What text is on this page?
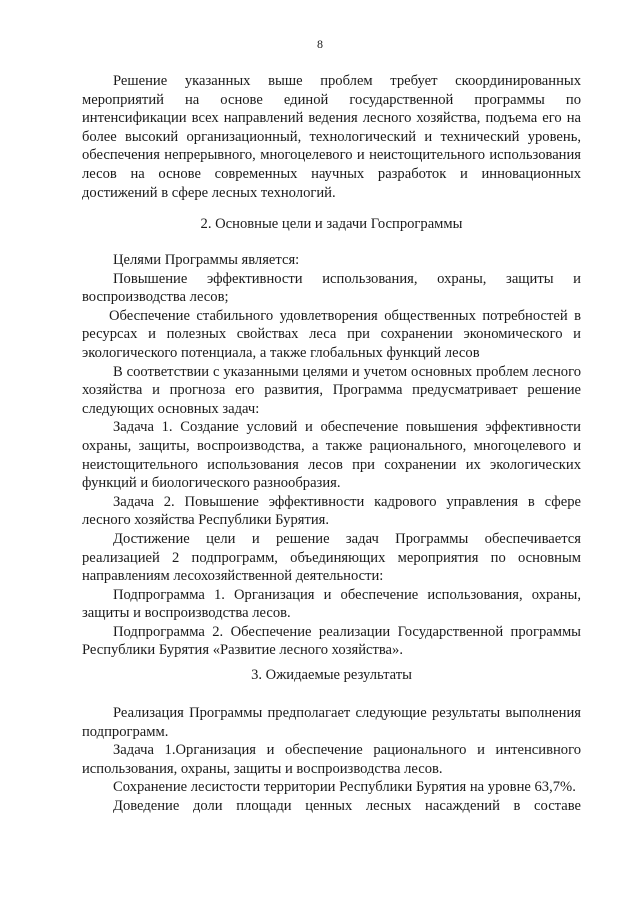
8

Решение указанных выше проблем требует скоординированных мероприятий на основе единой государственной программы по интенсификации всех направлений ведения лесного хозяйства, подъема его на более высокий организационный, технологический и технический уровень, обеспечения непрерывного, многоцелевого и неистощительного использования лесов на основе современных научных разработок и инновационных достижений в сфере лесных технологий.

2. Основные цели и задачи Госпрограммы

Целями Программы является:

Повышение эффективности использования, охраны, защиты и воспроизводства лесов;

Обеспечение стабильного удовлетворения общественных потребностей в ресурсах и полезных свойствах леса при сохранении экономического и экологического потенциала, а также глобальных функций лесов

В соответствии с указанными целями и учетом основных проблем лесного хозяйства и прогноза его развития, Программа предусматривает решение следующих основных задач:

Задача 1. Создание условий и обеспечение повышения эффективности охраны, защиты, воспроизводства, а также рационального, многоцелевого и неистощительного использования лесов при сохранении их экологических функций и биологического разнообразия.

Задача 2. Повышение эффективности кадрового управления в сфере лесного хозяйства Республики Бурятия.

Достижение цели и решение задач Программы обеспечивается реализацией 2 подпрограмм, объединяющих мероприятия по основным направлениям лесохозяйственной деятельности:

Подпрограмма 1. Организация и обеспечение использования, охраны, защиты и воспроизводства лесов.

Подпрограмма 2. Обеспечение реализации Государственной программы Республики Бурятия «Развитие лесного хозяйства».

3. Ожидаемые результаты

Реализация Программы предполагает следующие результаты выполнения подпрограмм.

Задача 1.Организация и обеспечение рационального и интенсивного использования, охраны, защиты и воспроизводства лесов.

Сохранение лесистости территории Республики Бурятия на уровне 63,7%.

Доведение доли площади ценных лесных насаждений в составе
